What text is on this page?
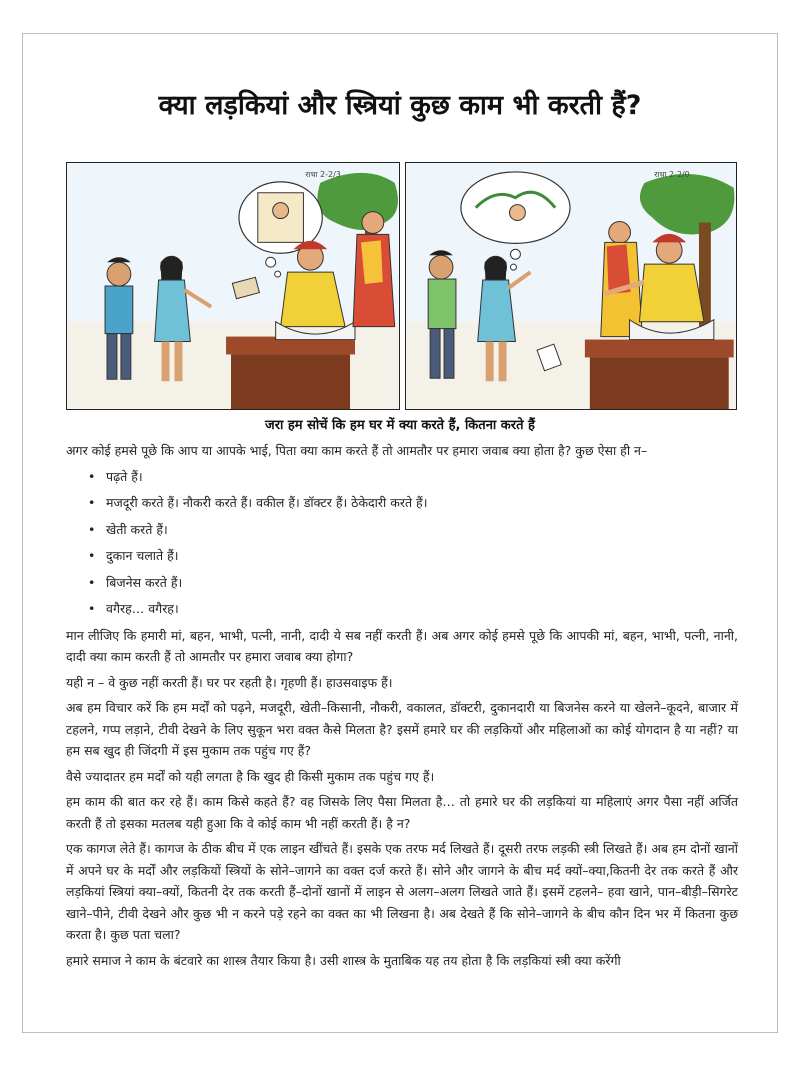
क्या लड़कियां और स्त्रियां कुछ काम भी करती हैं?
राधा 2-2/3	राधा 2-2/0
जरा हम सोचें कि हम घर में क्या करते हैं, कितना करते हैं

अगर कोई हमसे पूछे कि आप या आपके भाई, पिता क्या काम करते हैं तो आमतौर पर हमारा जवाब क्या होता है? कुछ ऐसा ही न–

• पढ़ते हैं।
• मजदूरी करते हैं। नौकरी करते हैं। वकील हैं। डॉक्टर हैं। ठेकेदारी करते हैं।
• खेती करते हैं।
• दुकान चलाते हैं।
• बिजनेस करते हैं।
• वगैरह… वगैरह।

मान लीजिए कि हमारी मां, बहन, भाभी, पत्नी, नानी, दादी ये सब नहीं करती हैं। अब अगर कोई हमसे पूछे कि आपकी मां, बहन, भाभी, पत्नी, नानी, दादी क्या काम करती हैं तो आमतौर पर हमारा जवाब क्या होगा?

यही न – वे कुछ नहीं करती हैं। घर पर रहती है। गृहणी हैं। हाउसवाइफ हैं।

अब हम विचार करें कि हम मर्दों को पढ़ने, मजदूरी, खेती–किसानी, नौकरी, वकालत, डॉक्टरी, दुकानदारी या बिजनेस करने या खेलने–कूदने, बाजार में टहलने, गप्प लड़ाने, टीवी देखने के लिए सुकून भरा वक्त कैसे मिलता है? इसमें हमारे घर की लड़कियों और महिलाओं का कोई योगदान है या नहीं? या हम सब खुद ही जिंदगी में इस मुकाम तक पहुंच गए हैं?

वैसे ज्यादातर हम मर्दों को यही लगता है कि खुद ही किसी मुकाम तक पहुंच गए हैं।

हम काम की बात कर रहे हैं। काम किसे कहते हैं? वह जिसके लिए पैसा मिलता है… तो हमारे घर की लड़कियां या महिलाएं अगर पैसा नहीं अर्जित करती हैं तो इसका मतलब यही हुआ कि वे कोई काम भी नहीं करती हैं। है न?

एक कागज लेते हैं। कागज के ठीक बीच में एक लाइन खींचते हैं। इसके एक तरफ मर्द लिखते हैं। दूसरी तरफ लड़की स्त्री लिखते हैं। अब हम दोनों खानों में अपने घर के मर्दों और लड़कियों स्त्रियों के सोने–जागने का वक्त दर्ज करते हैं। सोने और जागने के बीच मर्द क्यों–क्या,कितनी देर तक करते हैं और लड़कियां स्त्रियां क्या–क्यों, कितनी देर तक करती हैं–दोनों खानों में लाइन से अलग–अलग लिखते जाते हैं। इसमें टहलने– हवा खाने, पान–बीड़ी–सिगरेट खाने–पीने, टीवी देखने और कुछ भी न करने पड़े रहने का वक्त का भी लिखना है। अब देखते हैं कि सोने–जागने के बीच कौन दिन भर में कितना कुछ करता है। कुछ पता चला?

हमारे समाज ने काम के बंटवारे का शास्त्र तैयार किया है। उसी शास्त्र के मुताबिक यह तय होता है कि लड़कियां स्त्री क्या करेंगी
